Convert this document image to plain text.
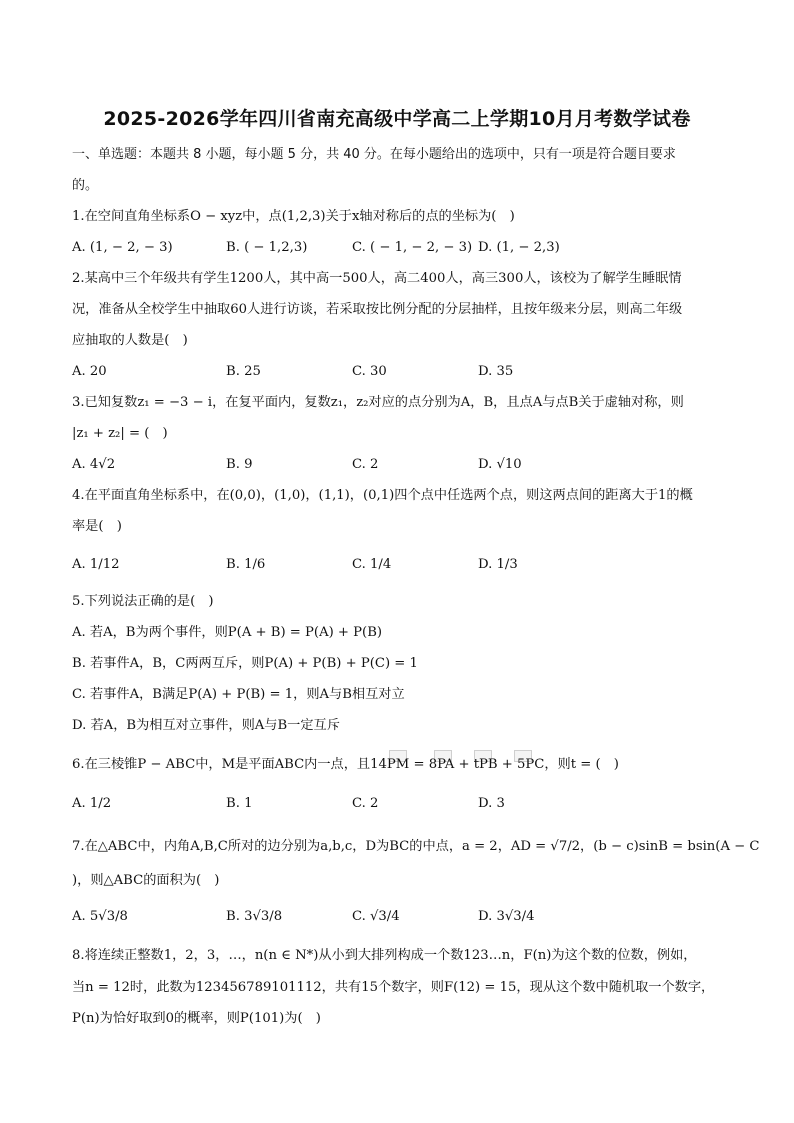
2025-2026学年四川省南充高级中学高二上学期10月月考数学试卷
一、单选题：本题共 8 小题，每小题 5 分，共 40 分。在每小题给出的选项中，只有一项是符合题目要求
的。
1.在空间直角坐标系O − xyz中，点(1,2,3)关于x轴对称后的点的坐标为(　)
A. (1, − 2, − 3)	B. ( − 1,2,3)	C. ( − 1, − 2, − 3) D. (1, − 2,3)
2.某高中三个年级共有学生1200人，其中高一500人，高二400人，高三300人，该校为了解学生睡眠情
况，准备从全校学生中抽取60人进行访谈，若采取按比例分配的分层抽样，且按年级来分层，则高二年级
应抽取的人数是(　)
A. 20	B. 25	C. 30	D. 35
3.已知复数z₁ = −3 − i，在复平面内，复数z₁，z₂对应的点分别为A，B，且点A与点B关于虚轴对称，则
|z₁ + z₂| = (　)
A. 4√2	B. 9	C. 2	D. √10
4.在平面直角坐标系中，在(0,0)，(1,0)，(1,1)，(0,1)四个点中任选两个点，则这两点间的距离大于1的概
率是(　)
A. 1/12	B. 1/6	C. 1/4	D. 1/3
5.下列说法正确的是(　)
A. 若A，B为两个事件，则P(A + B) = P(A) + P(B)
B. 若事件A，B，C两两互斥，则P(A) + P(B) + P(C) = 1
C. 若事件A，B满足P(A) + P(B) = 1，则A与B相互对立
D. 若A，B为相互对立事件，则A与B一定互斥
6.在三棱锥P − ABC中，M是平面ABC内一点，且14PM = 8PA + tPB + 5PC，则t = (　)
A. 1/2	B. 1	C. 2	D. 3
7.在△ABC中，内角A,B,C所对的边分别为a,b,c，D为BC的中点，a = 2，AD = √7/2，(b − c)sinB = bsin(A − C
)，则△ABC的面积为(　)
A. 5√3/8	B. 3√3/8	C. √3/4	D. 3√3/4
8.将连续正整数1，2，3，…，n(n ∈ N*)从小到大排列构成一个数123…n，F(n)为这个数的位数，例如，
当n = 12时，此数为123456789101112，共有15个数字，则F(12) = 15，现从这个数中随机取一个数字，
P(n)为恰好取到0的概率，则P(101)为(　)
